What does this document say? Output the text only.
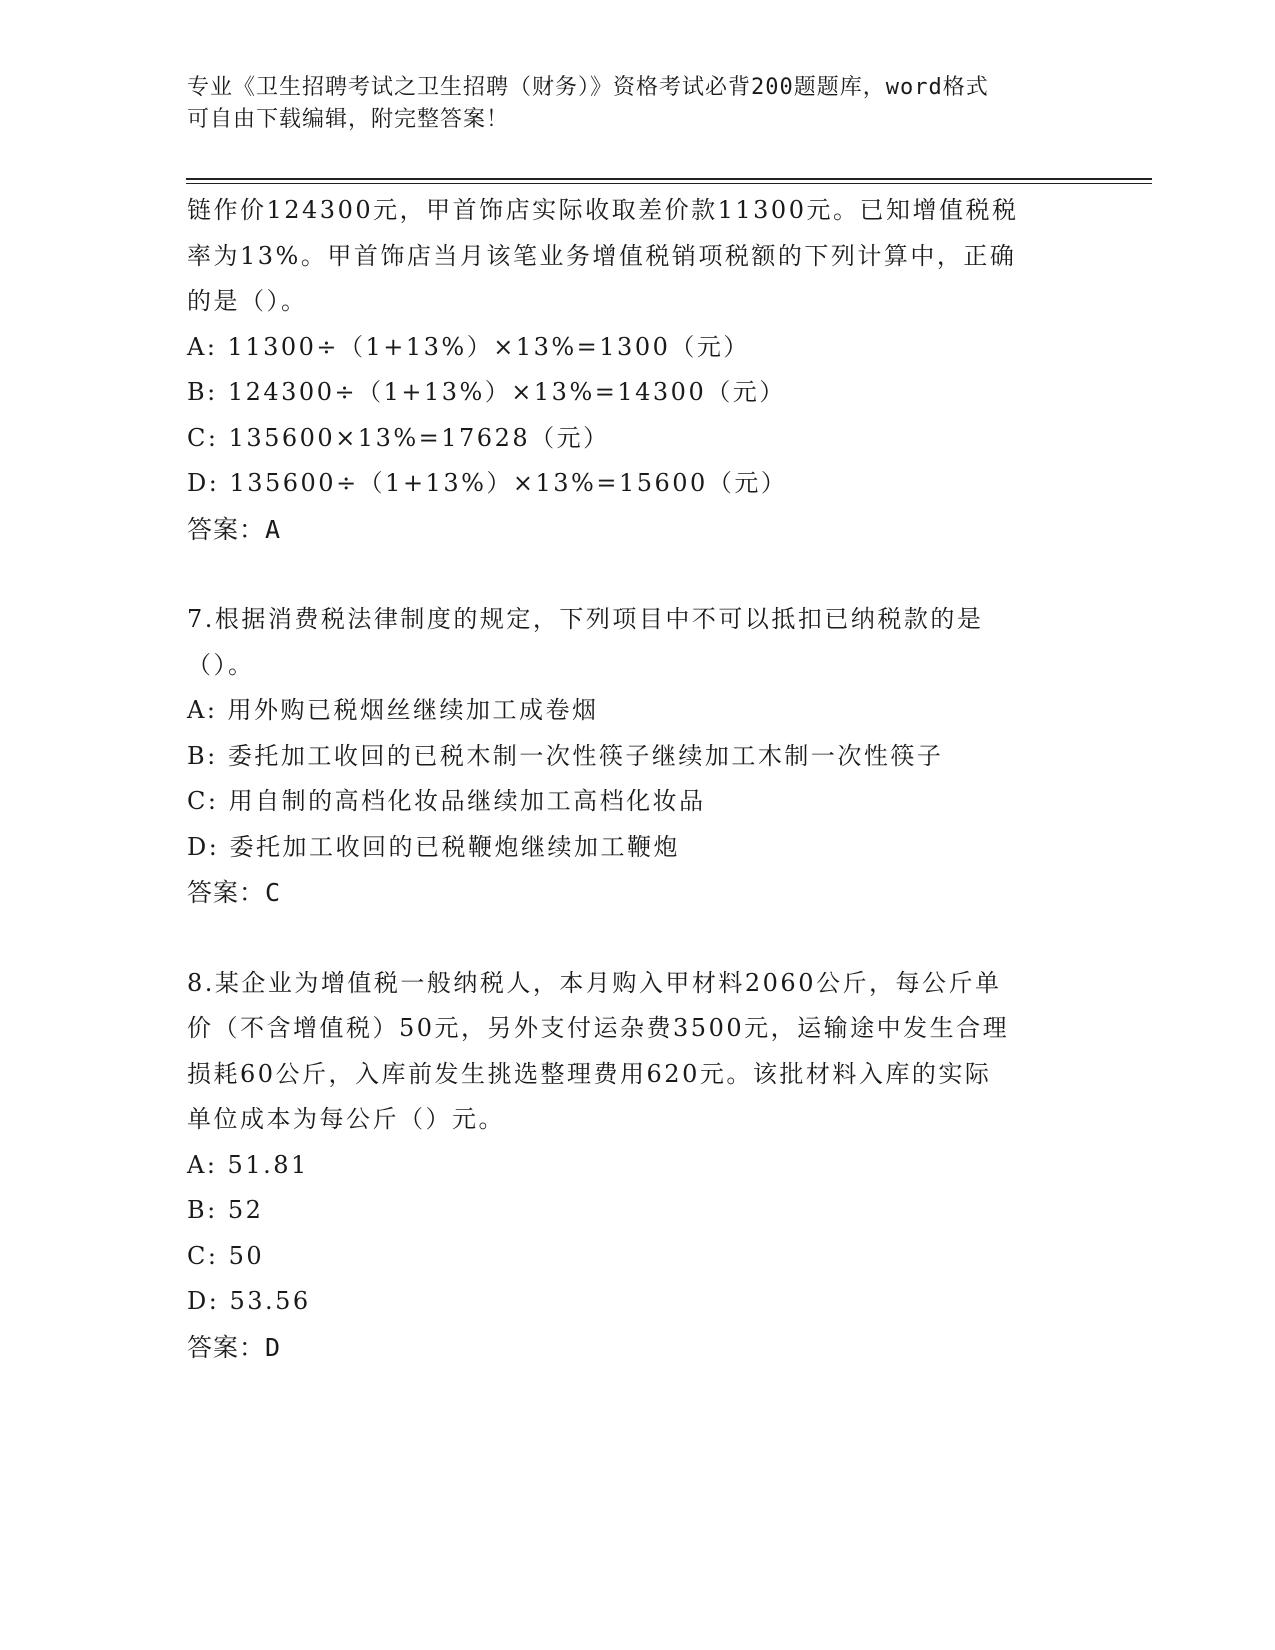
专业《卫生招聘考试之卫生招聘（财务）》资格考试必背200题题库，word格式
可自由下载编辑，附完整答案！
链作价124300元，甲首饰店实际收取差价款11300元。已知增值税税
率为13%。甲首饰店当月该笔业务增值税销项税额的下列计算中，正确
的是（）。
A: 11300÷（1+13%）×13%=1300（元）
B: 124300÷（1+13%）×13%=14300（元）
C: 135600×13%=17628（元）
D: 135600÷（1+13%）×13%=15600（元）
答案：A
7.根据消费税法律制度的规定，下列项目中不可以抵扣已纳税款的是
（）。
A: 用外购已税烟丝继续加工成卷烟
B: 委托加工收回的已税木制一次性筷子继续加工木制一次性筷子
C: 用自制的高档化妆品继续加工高档化妆品
D: 委托加工收回的已税鞭炮继续加工鞭炮
答案：C
8.某企业为增值税一般纳税人，本月购入甲材料2060公斤，每公斤单
价（不含增值税）50元，另外支付运杂费3500元，运输途中发生合理
损耗60公斤，入库前发生挑选整理费用620元。该批材料入库的实际
单位成本为每公斤（）元。
A: 51.81
B: 52
C: 50
D: 53.56
答案：D
